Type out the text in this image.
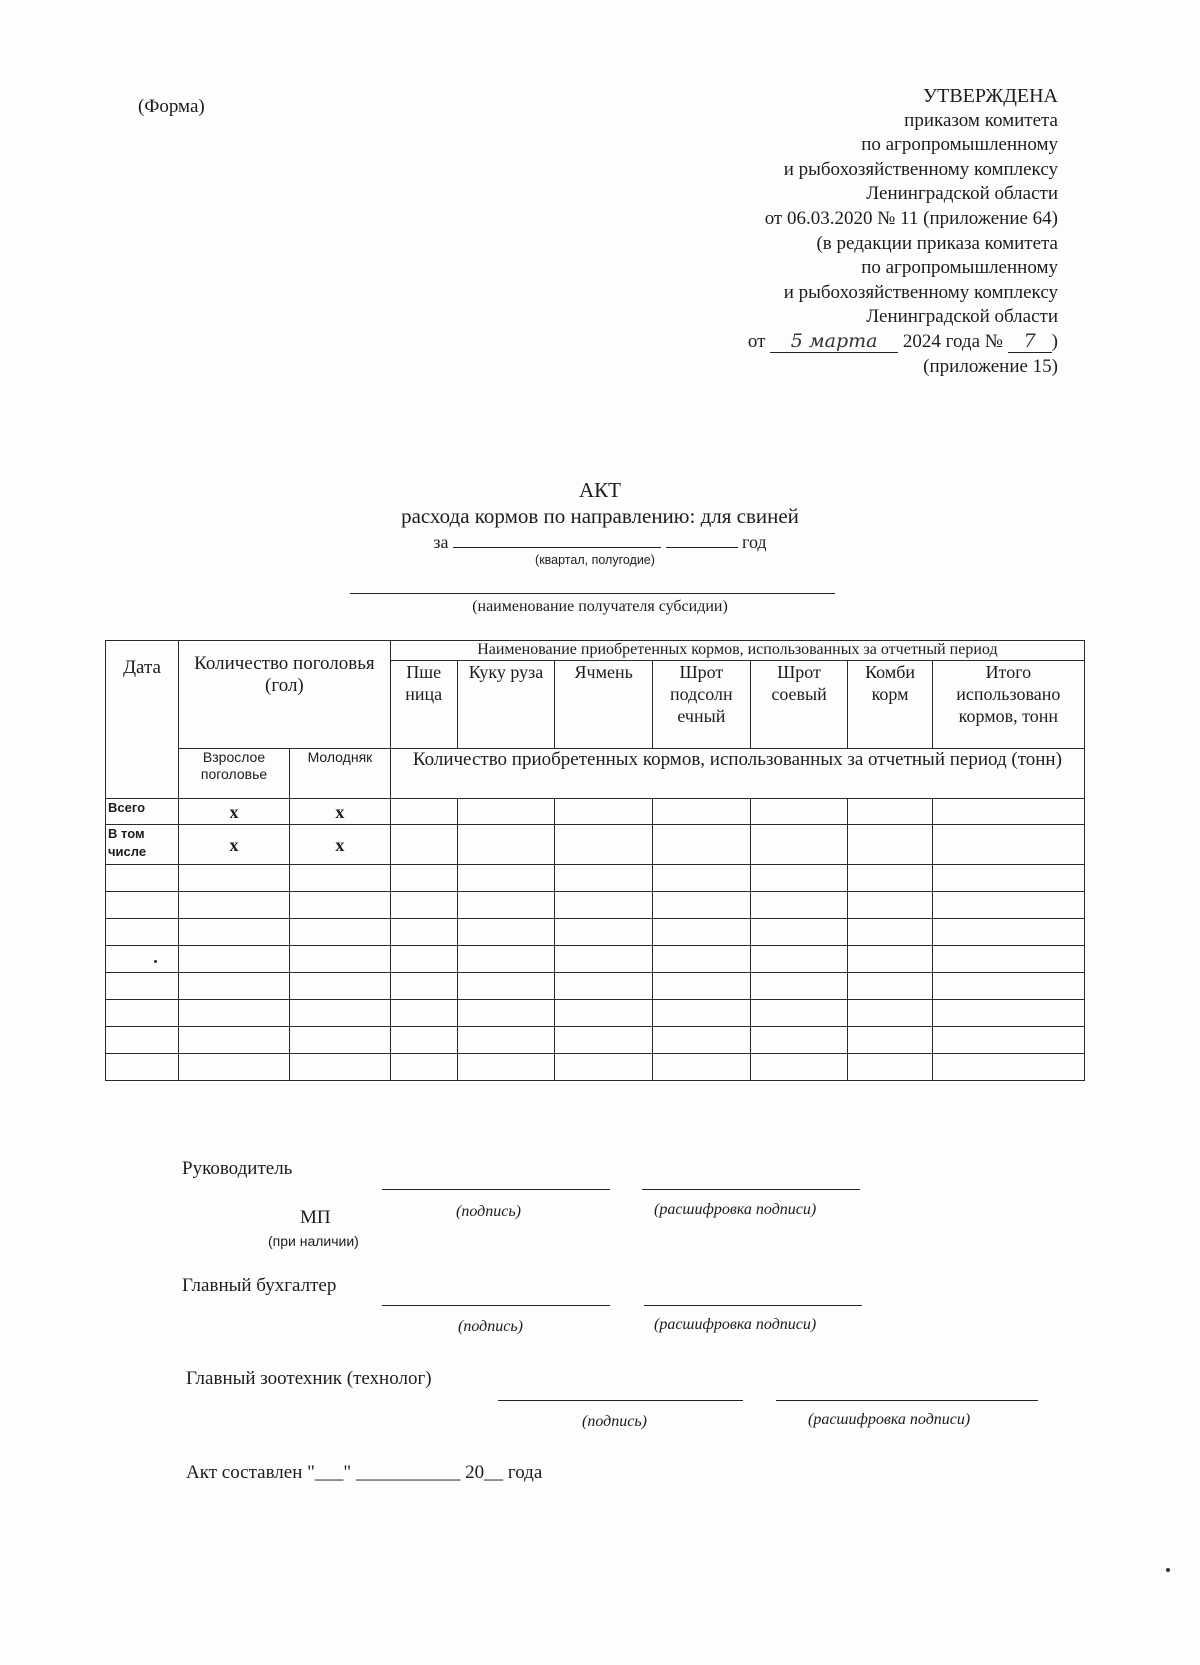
(Форма)	УТВЕРЖДЕНА
приказом комитета
по агропромышленному
и рыбохозяйственному комплексу
Ленинградской области
от 06.03.2020 № 11 (приложение 64)
(в редакции приказа комитета
по агропромышленному
и рыбохозяйственному комплексу
Ленинградской области
от 5 марта 2024 года № 7 )
(приложение 15)
АКТ
расхода кормов по направлению: для свиней
за	год
(квартал, полугодие)
(наименование получателя субсидии)
Дата	Количество поголовья (гол)		Наименование приобретенных кормов, использованных за отчетный период						
			Пше ница	Куку руза	Ячмень	Шрот подсолн ечный	Шрот соевый	Комби корм	Итого использовано кормов, тонн
	Взрослое поголовье	Молодняк	Количество приобретенных кормов, использованных за отчетный период (тонн)						
Всего	х	х							
В том числе	х	х							

Руководитель
МП
(при наличии)
(подпись)	(расшифровка подписи)
Главный бухгалтер
(подпись)	(расшифровка подписи)
Главный зоотехник (технолог)
(подпись)	(расшифровка подписи)
Акт составлен "___" ___________ 20__ года
